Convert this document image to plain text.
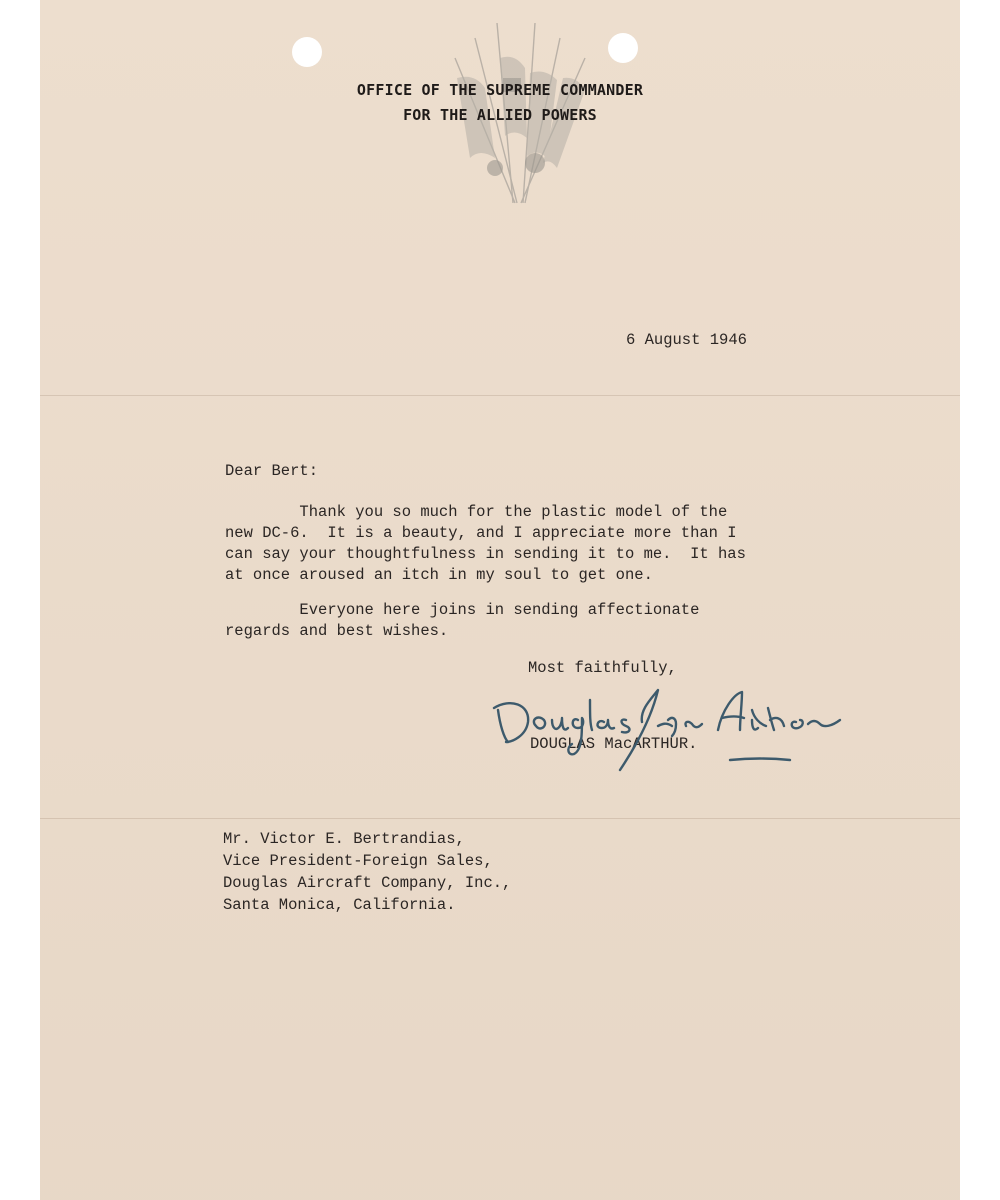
OFFICE OF THE SUPREME COMMANDER
FOR THE ALLIED POWERS
6 August 1946
Dear Bert:
Thank you so much for the plastic model of the
new DC-6.  It is a beauty, and I appreciate more than I
can say your thoughtfulness in sending it to me.  It has
at once aroused an itch in my soul to get one.
Everyone here joins in sending affectionate
regards and best wishes.
Most faithfully,
DOUGLAS MacARTHUR.
Mr. Victor E. Bertrandias,
Vice President-Foreign Sales,
Douglas Aircraft Company, Inc.,
Santa Monica, California.
